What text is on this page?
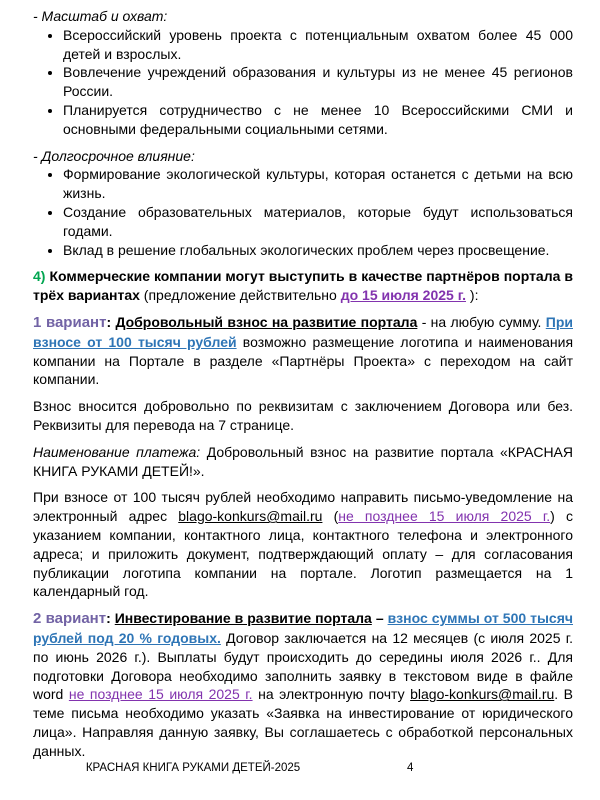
- Масштаб и охват:

• Всероссийский уровень проекта с потенциальным охватом более 45 000 детей и взрослых.
• Вовлечение учреждений образования и культуры из не менее 45 регионов России.
• Планируется сотрудничество с не менее 10 Всероссийскими СМИ и основными федеральными социальными сетями.

- Долгосрочное влияние:

• Формирование экологической культуры, которая останется с детьми на всю жизнь.
• Создание образовательных материалов, которые будут использоваться годами.
• Вклад в решение глобальных экологических проблем через просвещение.

4) Коммерческие компании могут выступить в качестве партнёров портала в трёх вариантах (предложение действительно до 15 июля 2025 г. ):

1 вариант: Добровольный взнос на развитие портала - на любую сумму. При взносе от 100 тысяч рублей возможно размещение логотипа и наименования компании на Портале в разделе «Партнёры Проекта» с переходом на сайт компании.

Взнос вносится добровольно по реквизитам с заключением Договора или без. Реквизиты для перевода на 7 странице.

Наименование платежа: Добровольный взнос на развитие портала «КРАСНАЯ КНИГА РУКАМИ ДЕТЕЙ!».

При взносе от 100 тысяч рублей необходимо направить письмо-уведомление на электронный адрес blago-konkurs@mail.ru (не позднее 15 июля 2025 г.) с указанием компании, контактного лица, контактного телефона и электронного адреса; и приложить документ, подтверждающий оплату – для согласования публикации логотипа компании на портале. Логотип размещается на 1 календарный год.

2 вариант: Инвестирование в развитие портала – взнос суммы от 500 тысяч рублей под 20 % годовых. Договор заключается на 12 месяцев (с июля 2025 г. по июнь 2026 г.). Выплаты будут происходить до середины июля 2026 г.. Для подготовки Договора необходимо заполнить заявку в текстовом виде в файле word не позднее 15 июля 2025 г. на электронную почту blago-konkurs@mail.ru. В теме письма необходимо указать «Заявка на инвестирование от юридического лица». Направляя данную заявку, Вы соглашаетесь с обработкой персональных данных.

КРАСНАЯ КНИГА РУКАМИ ДЕТЕЙ-2025	4
